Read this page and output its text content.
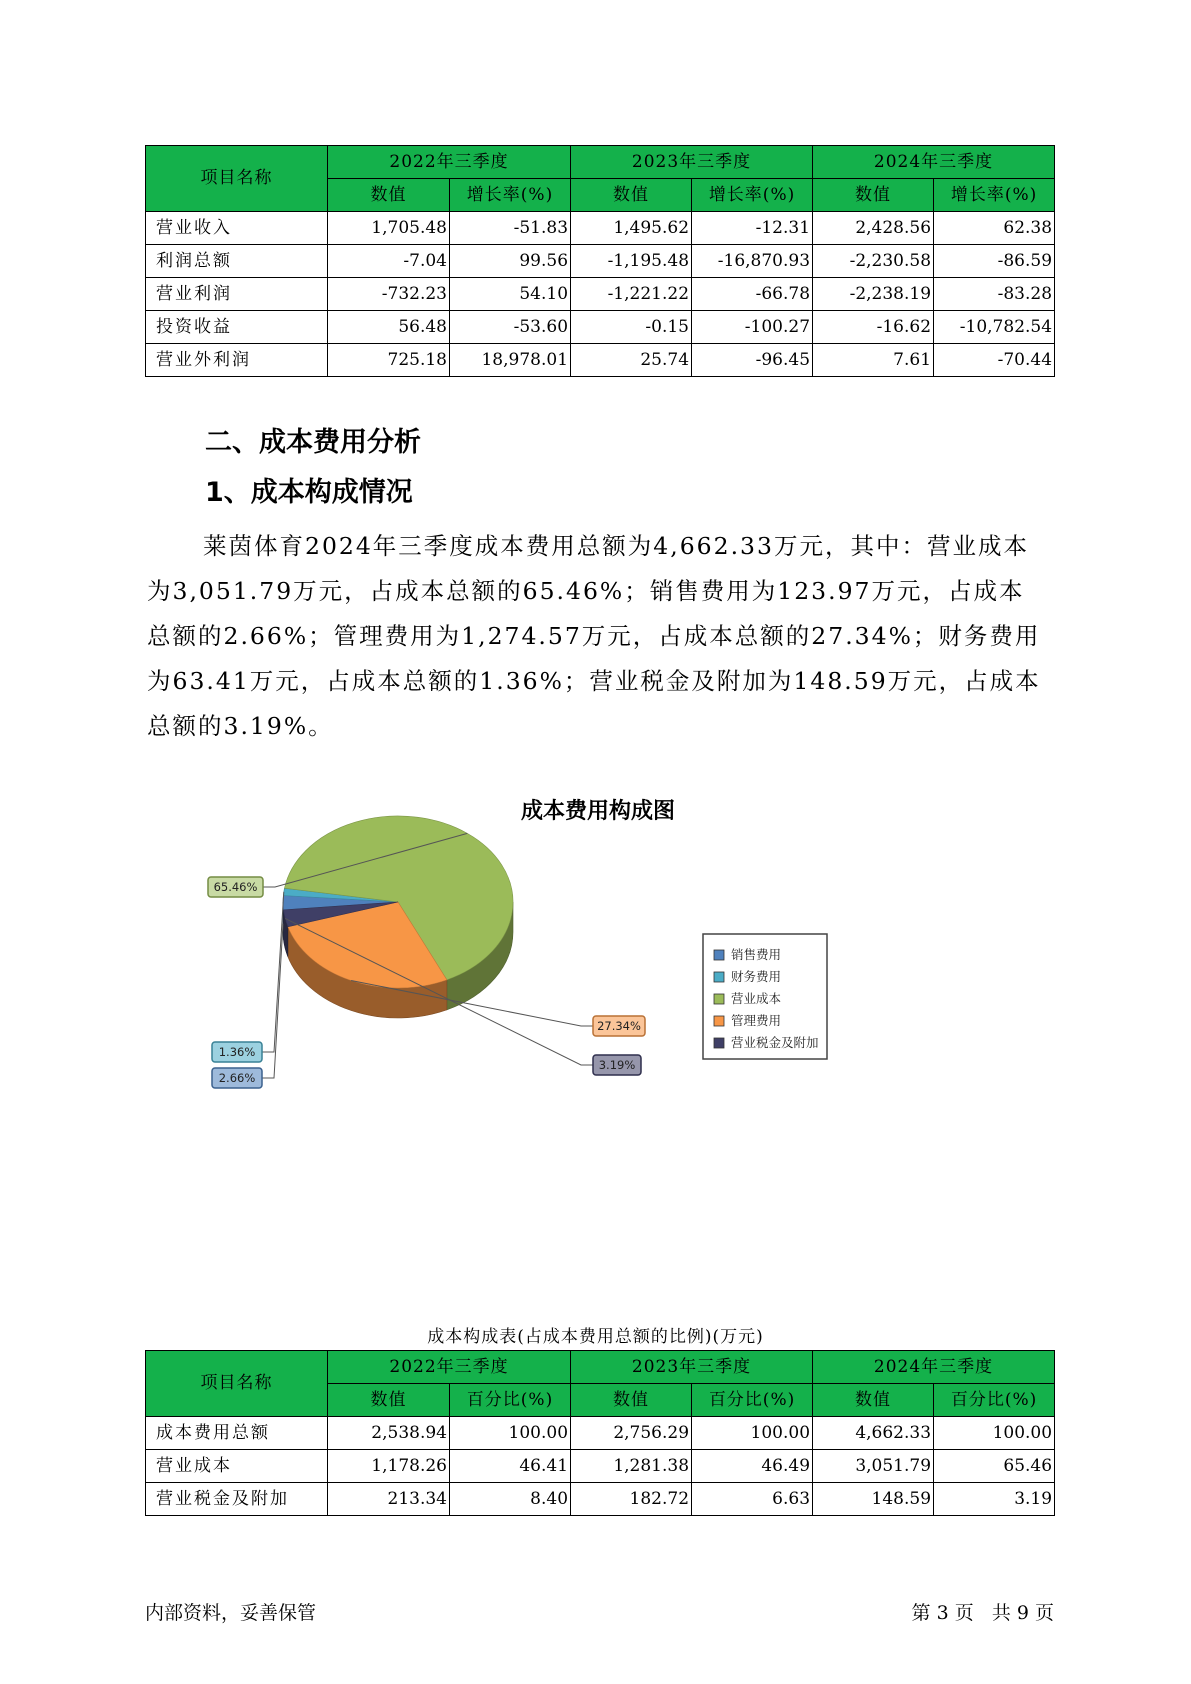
项目名称	2022年三季度		2023年三季度		2024年三季度	
	数值	增长率(%)	数值	增长率(%)	数值	增长率(%)
营业收入	1,705.48	-51.83	1,495.62	-12.31	2,428.56	62.38
利润总额	-7.04	99.56	-1,195.48	-16,870.93	-2,230.58	-86.59
营业利润	-732.23	54.10	-1,221.22	-66.78	-2,238.19	-83.28
投资收益	56.48	-53.60	-0.15	-100.27	-16.62	-10,782.54
营业外利润	725.18	18,978.01	25.74	-96.45	7.61	-70.44
二、成本费用分析
1、成本构成情况

莱茵体育2024年三季度成本费用总额为4,662.33万元，其中：营业成本为3,051.79万元，占成本总额的65.46%；销售费用为123.97万元，占成本总额的2.66%；管理费用为1,274.57万元，占成本总额的27.34%；财务费用为63.41万元，占成本总额的1.36%；营业税金及附加为148.59万元，占成本总额的3.19%。

成本费用构成图
2.66%
1.36%
65.46%
27.34%
3.19%
销售费用
财务费用
营业成本
管理费用
营业税金及附加

成本构成表(占成本费用总额的比例)(万元)

项目名称	2022年三季度		2023年三季度		2024年三季度	
	数值	百分比(%)	数值	百分比(%)	数值	百分比(%)
成本费用总额	2,538.94	100.00	2,756.29	100.00	4,662.33	100.00
营业成本	1,178.26	46.41	1,281.38	46.49	3,051.79	65.46
营业税金及附加	213.34	8.40	182.72	6.63	148.59	3.19
内部资料，妥善保管	第 3 页   共 9 页
